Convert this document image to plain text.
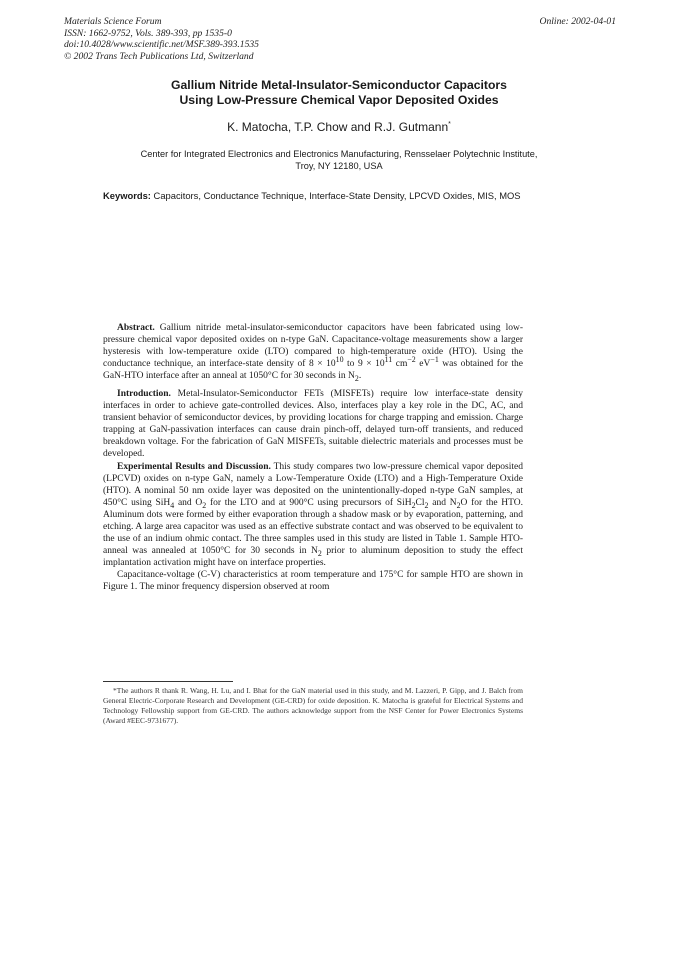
Materials Science Forum
ISSN: 1662-9752, Vols. 389-393, pp 1535-0
doi:10.4028/www.scientific.net/MSF.389-393.1535
© 2002 Trans Tech Publications Ltd, Switzerland
Online: 2002-04-01
Gallium Nitride Metal-Insulator-Semiconductor Capacitors
Using Low-Pressure Chemical Vapor Deposited Oxides
K. Matocha, T.P. Chow and R.J. Gutmann*
Center for Integrated Electronics and Electronics Manufacturing, Rensselaer Polytechnic Institute,
Troy, NY 12180, USA
Keywords: Capacitors, Conductance Technique, Interface-State Density, LPCVD Oxides, MIS, MOS

Abstract. Gallium nitride metal-insulator-semiconductor capacitors have been fabricated using low-pressure chemical vapor deposited oxides on n-type GaN. Capacitance-voltage measurements show a larger hysteresis with low-temperature oxide (LTO) compared to high-temperature oxide (HTO). Using the conductance technique, an interface-state density of $8 \times 10^{10}$ to $9 \times 10^{11}$ $cm^{-2}$ $eV^{-1}$ was obtained for the GaN-HTO interface after an anneal at 1050°C for 30 seconds in $N_2$.

Introduction. Metal-Insulator-Semiconductor FETs (MISFETs) require low interface-state density interfaces in order to achieve gate-controlled devices. Also, interfaces play a key role in the DC, AC, and transient behavior of semiconductor devices, by providing locations for charge trapping and emission. Charge trapping at GaN-passivation interfaces can cause drain pinch-off, delayed turn-off transients, and reduced breakdown voltage. For the fabrication of GaN MISFETs, suitable dielectric materials and processes must be developed.

Experimental Results and Discussion. This study compares two low-pressure chemical vapor deposited (LPCVD) oxides on n-type GaN, namely a Low-Temperature Oxide (LTO) and a High-Temperature Oxide (HTO). A nominal 50 nm oxide layer was deposited on the unintentionally-doped n-type GaN samples, at 450°C using SiH$_4$ and $O_2$ for the LTO and at 900°C using precursors of $SiH_2Cl_2$ and $N_2O$ for the HTO. Aluminum dots were formed by either evaporation through a shadow mask or by evaporation, patterning, and etching. A large area capacitor was used as an effective substrate contact and was observed to be equivalent to the use of an indium ohmic contact. The three samples used in this study are listed in Table 1. Sample HTO-anneal was annealed at 1050°C for 30 seconds in $N_2$ prior to aluminum deposition to study the effect implantation activation might have on interface properties.

Capacitance-voltage (C-V) characteristics at room temperature and 175°C for sample HTO are shown in Figure 1. The minor frequency dispersion observed at room

*The authors R thank R. Wang, H. Lu, and I. Bhat for the GaN material used in this study, and M. Lazzeri, P. Gipp, and J. Balch from General Electric-Corporate Research and Development (GE-CRD) for oxide deposition. K. Matocha is grateful for Electrical Systems and Technology Fellowship support from GE-CRD. The authors acknowledge support from the NSF Center for Power Electronics Systems (Award #EEC-9731677).
